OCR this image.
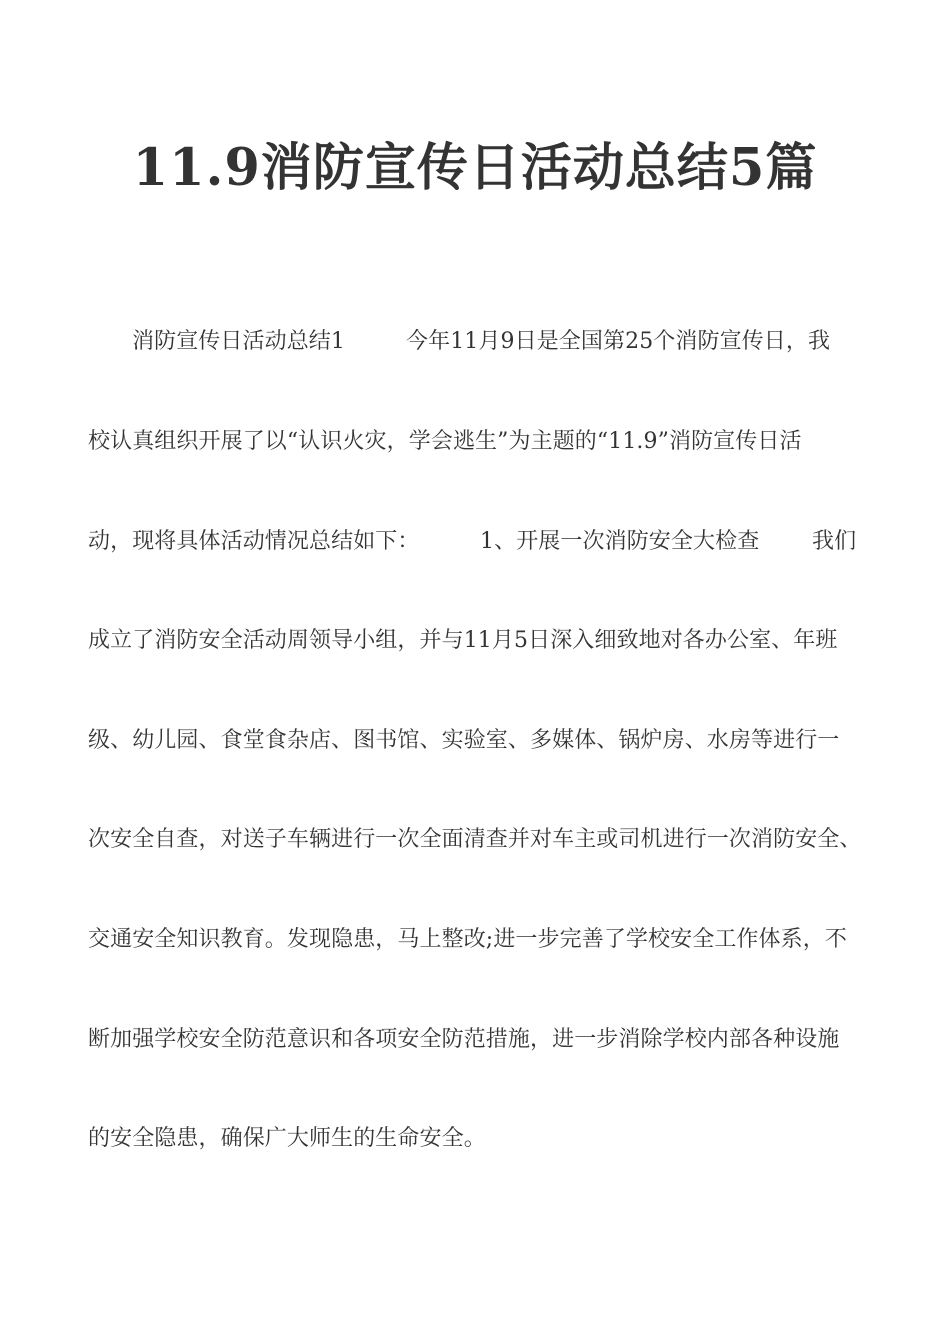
11.9消防宣传日活动总结5篇

消防宣传日活动总结1	今年11月9日是全国第25个消防宣传日，我

校认真组织开展了以“认识火灾，学会逃生”为主题的“11.9”消防宣传日活

动，现将具体活动情况总结如下：	1、开展一次消防安全大检查 我们

成立了消防安全活动周领导小组，并与11月5日深入细致地对各办公室、年班

级、幼儿园、食堂食杂店、图书馆、实验室、多媒体、锅炉房、水房等进行一

次安全自查，对送子车辆进行一次全面清查并对车主或司机进行一次消防安全、

交通安全知识教育。发现隐患，马上整改;进一步完善了学校安全工作体系，不

断加强学校安全防范意识和各项安全防范措施，进一步消除学校内部各种设施

的安全隐患，确保广大师生的生命安全。
